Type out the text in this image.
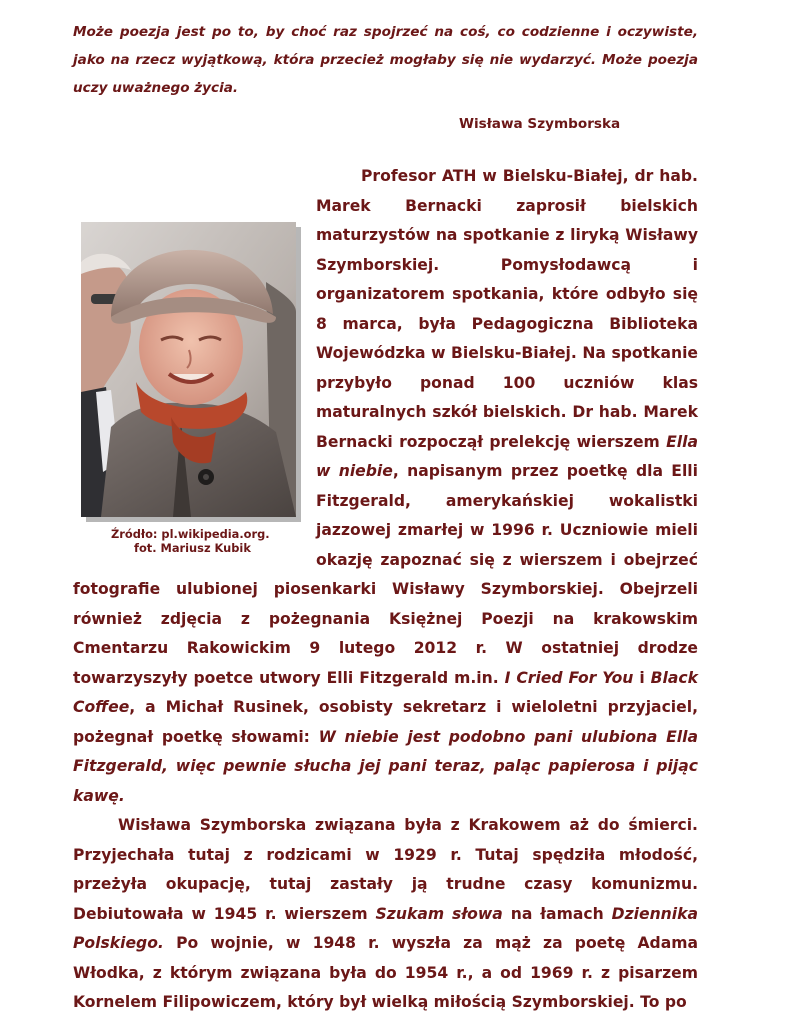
Może poezja jest po to, by choć raz spojrzeć na coś, co codzienne i oczywiste, jako na rzecz wyjątkową, która przecież mogłaby się nie wydarzyć. Może poezja uczy uważnego życia.

Wisława Szymborska

Źródło: pl.wikipedia.org.
fot. Mariusz Kubik
Profesor ATH w Bielsku-Białej, dr hab. Marek Bernacki zaprosił bielskich maturzystów na spotkanie z liryką Wisławy Szymborskiej. Pomysłodawcą i organizatorem spotkania, które odbyło się 8 marca, była Pedagogiczna Biblioteka Wojewódzka w Bielsku-Białej. Na spotkanie przybyło ponad 100 uczniów klas maturalnych szkół bielskich. Dr hab. Marek Bernacki rozpoczął prelekcję wierszem Ella w niebie, napisanym przez poetkę dla Elli Fitzgerald, amerykańskiej wokalistki jazzowej zmarłej w 1996 r. Uczniowie mieli okazję zapoznać się z wierszem i obejrzeć fotografie ulubionej piosenkarki Wisławy Szymborskiej. Obejrzeli również zdjęcia z pożegnania Księżnej Poezji na krakowskim Cmentarzu Rakowickim 9 lutego 2012 r. W ostatniej drodze towarzyszyły poetce utwory Elli Fitzgerald m.in. I Cried For You i Black Coffee, a Michał Rusinek, osobisty sekretarz i wieloletni przyjaciel, pożegnał poetkę słowami: W niebie jest podobno pani ulubiona Ella Fitzgerald, więc pewnie słucha jej pani teraz, paląc papierosa i pijąc kawę.

Wisława Szymborska związana była z Krakowem aż do śmierci. Przyjechała tutaj z rodzicami w 1929 r. Tutaj spędziła młodość, przeżyła okupację, tutaj zastały ją trudne czasy komunizmu. Debiutowała w 1945 r. wierszem Szukam słowa na łamach Dziennika Polskiego. Po wojnie, w 1948 r. wyszła za mąż za poetę Adama Włodka, z którym związana była do 1954 r., a od 1969 r. z pisarzem Kornelem Filipowiczem, który był wielką miłością Szymborskiej. To po
